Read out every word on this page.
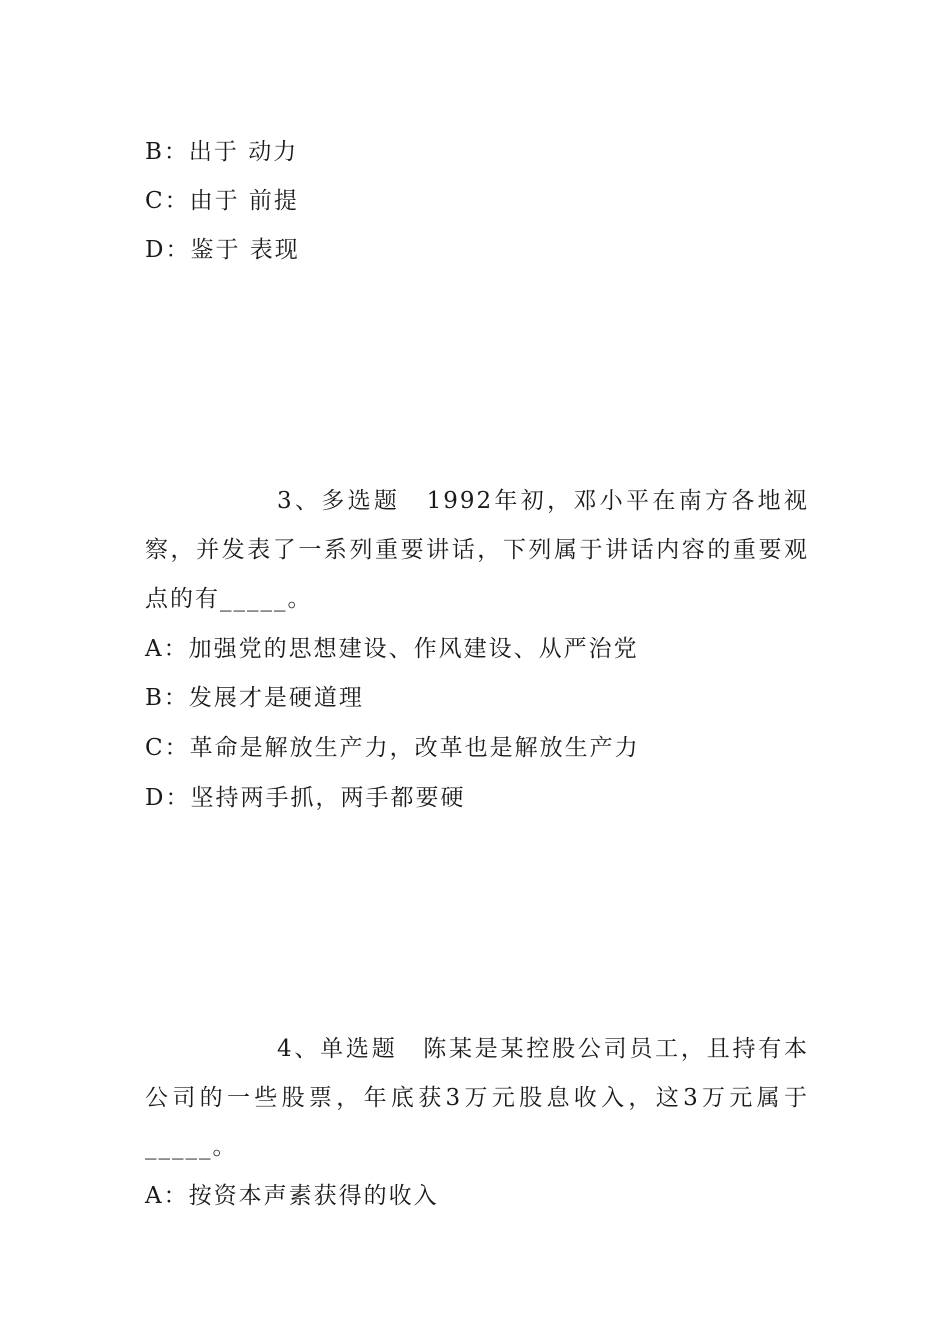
B：出于 动力
C：由于 前提
D：鉴于 表现
3、多选题　1992年初，邓小平在南方各地视察，并发表了一系列重要讲话，下列属于讲话内容的重要观点的有_____。
A：加强党的思想建设、作风建设、从严治党
B：发展才是硬道理
C：革命是解放生产力，改革也是解放生产力
D：坚持两手抓，两手都要硬
4、单选题　陈某是某控股公司员工，且持有本公司的一些股票，年底获3万元股息收入，这3万元属于_____。
A：按资本声素获得的收入
